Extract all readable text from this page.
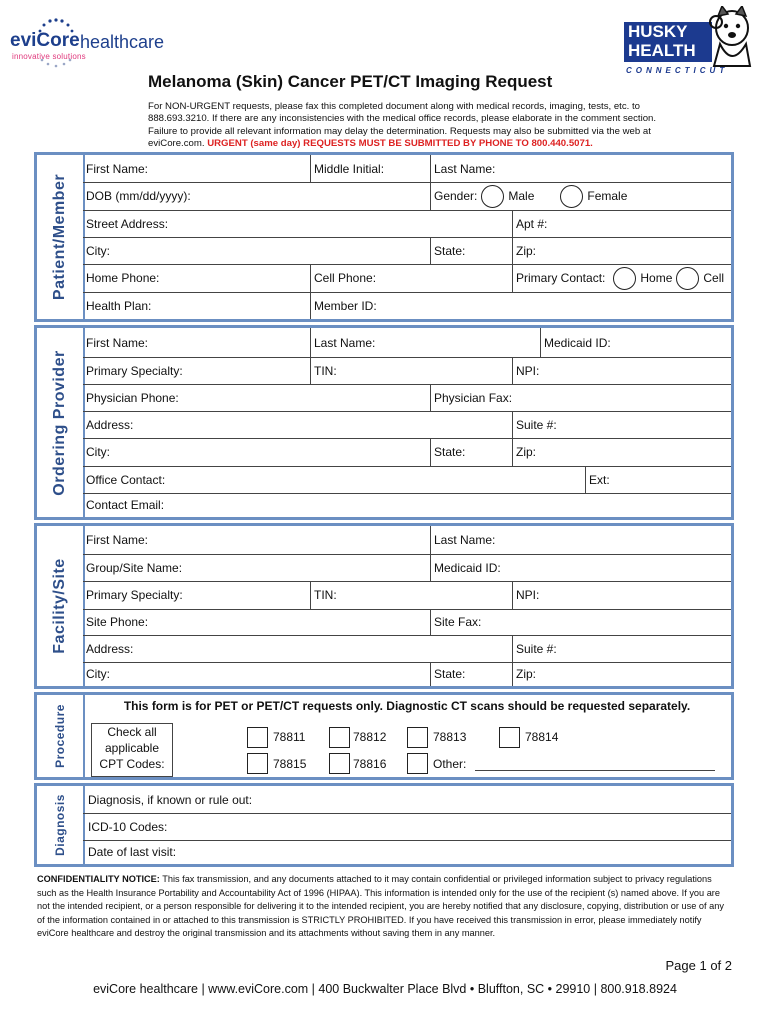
eviCore healthcare
innovative solutions
HUSKY
HEALTH
CONNECTICUT
Melanoma (Skin) Cancer PET/CT Imaging Request
For NON-URGENT requests, please fax this completed document along with medical records, imaging, tests, etc. to 888.693.3210. If there are any inconsistencies with the medical office records, please elaborate in the comment section. Failure to provide all relevant information may delay the determination. Requests may also be submitted via the web at eviCore.com. URGENT (same day) REQUESTS MUST BE SUBMITTED BY PHONE TO 800.440.5071.
Patient/Member
First Name:	Middle Initial:	Last Name:
DOB (mm/dd/yyyy):	Gender:	Male	Female
Street Address:	Apt #:
City:	State:	Zip:
Home Phone:	Cell Phone:	Primary Contact:	Home	Cell
Health Plan:	Member ID:
Ordering Provider
First Name:	Last Name:	Medicaid ID:
Primary Specialty:	TIN:	NPI:
Physician Phone:	Physician Fax:
Address:	Suite #:
City:	State:	Zip:
Office Contact:	Ext:
Contact Email:
Facility/Site
First Name:	Last Name:
Group/Site Name:	Medicaid ID:
Primary Specialty:	TIN:	NPI:
Site Phone:	Site Fax:
Address:	Suite #:
City:	State:	Zip:
Procedure	This form is for PET or PET/CT requests only. Diagnostic CT scans should be requested separately.
Check all
applicable
CPT Codes:
78811	78812	78813	78814
78815	78816	Other:
Diagnosis Diagnosis, if known or rule out:
ICD-10 Codes:
Date of last visit:
CONFIDENTIALITY NOTICE: This fax transmission, and any documents attached to it may contain confidential or privileged information subject to privacy regulations such as the Health Insurance Portability and Accountability Act of 1996 (HIPAA). This information is intended only for the use of the recipient (s) named above. If you are not the intended recipient, or a person responsible for delivering it to the intended recipient, you are hereby notified that any disclosure, copying, distribution or use of any of the information contained in or attached to this transmission is STRICTLY PROHIBITED. If you have received this transmission in error, please immediately notify eviCore healthcare and destroy the original transmission and its attachments without saving them in any manner.
Page 1 of 2
eviCore healthcare | www.eviCore.com | 400 Buckwalter Place Blvd • Bluffton, SC • 29910 | 800.918.8924
